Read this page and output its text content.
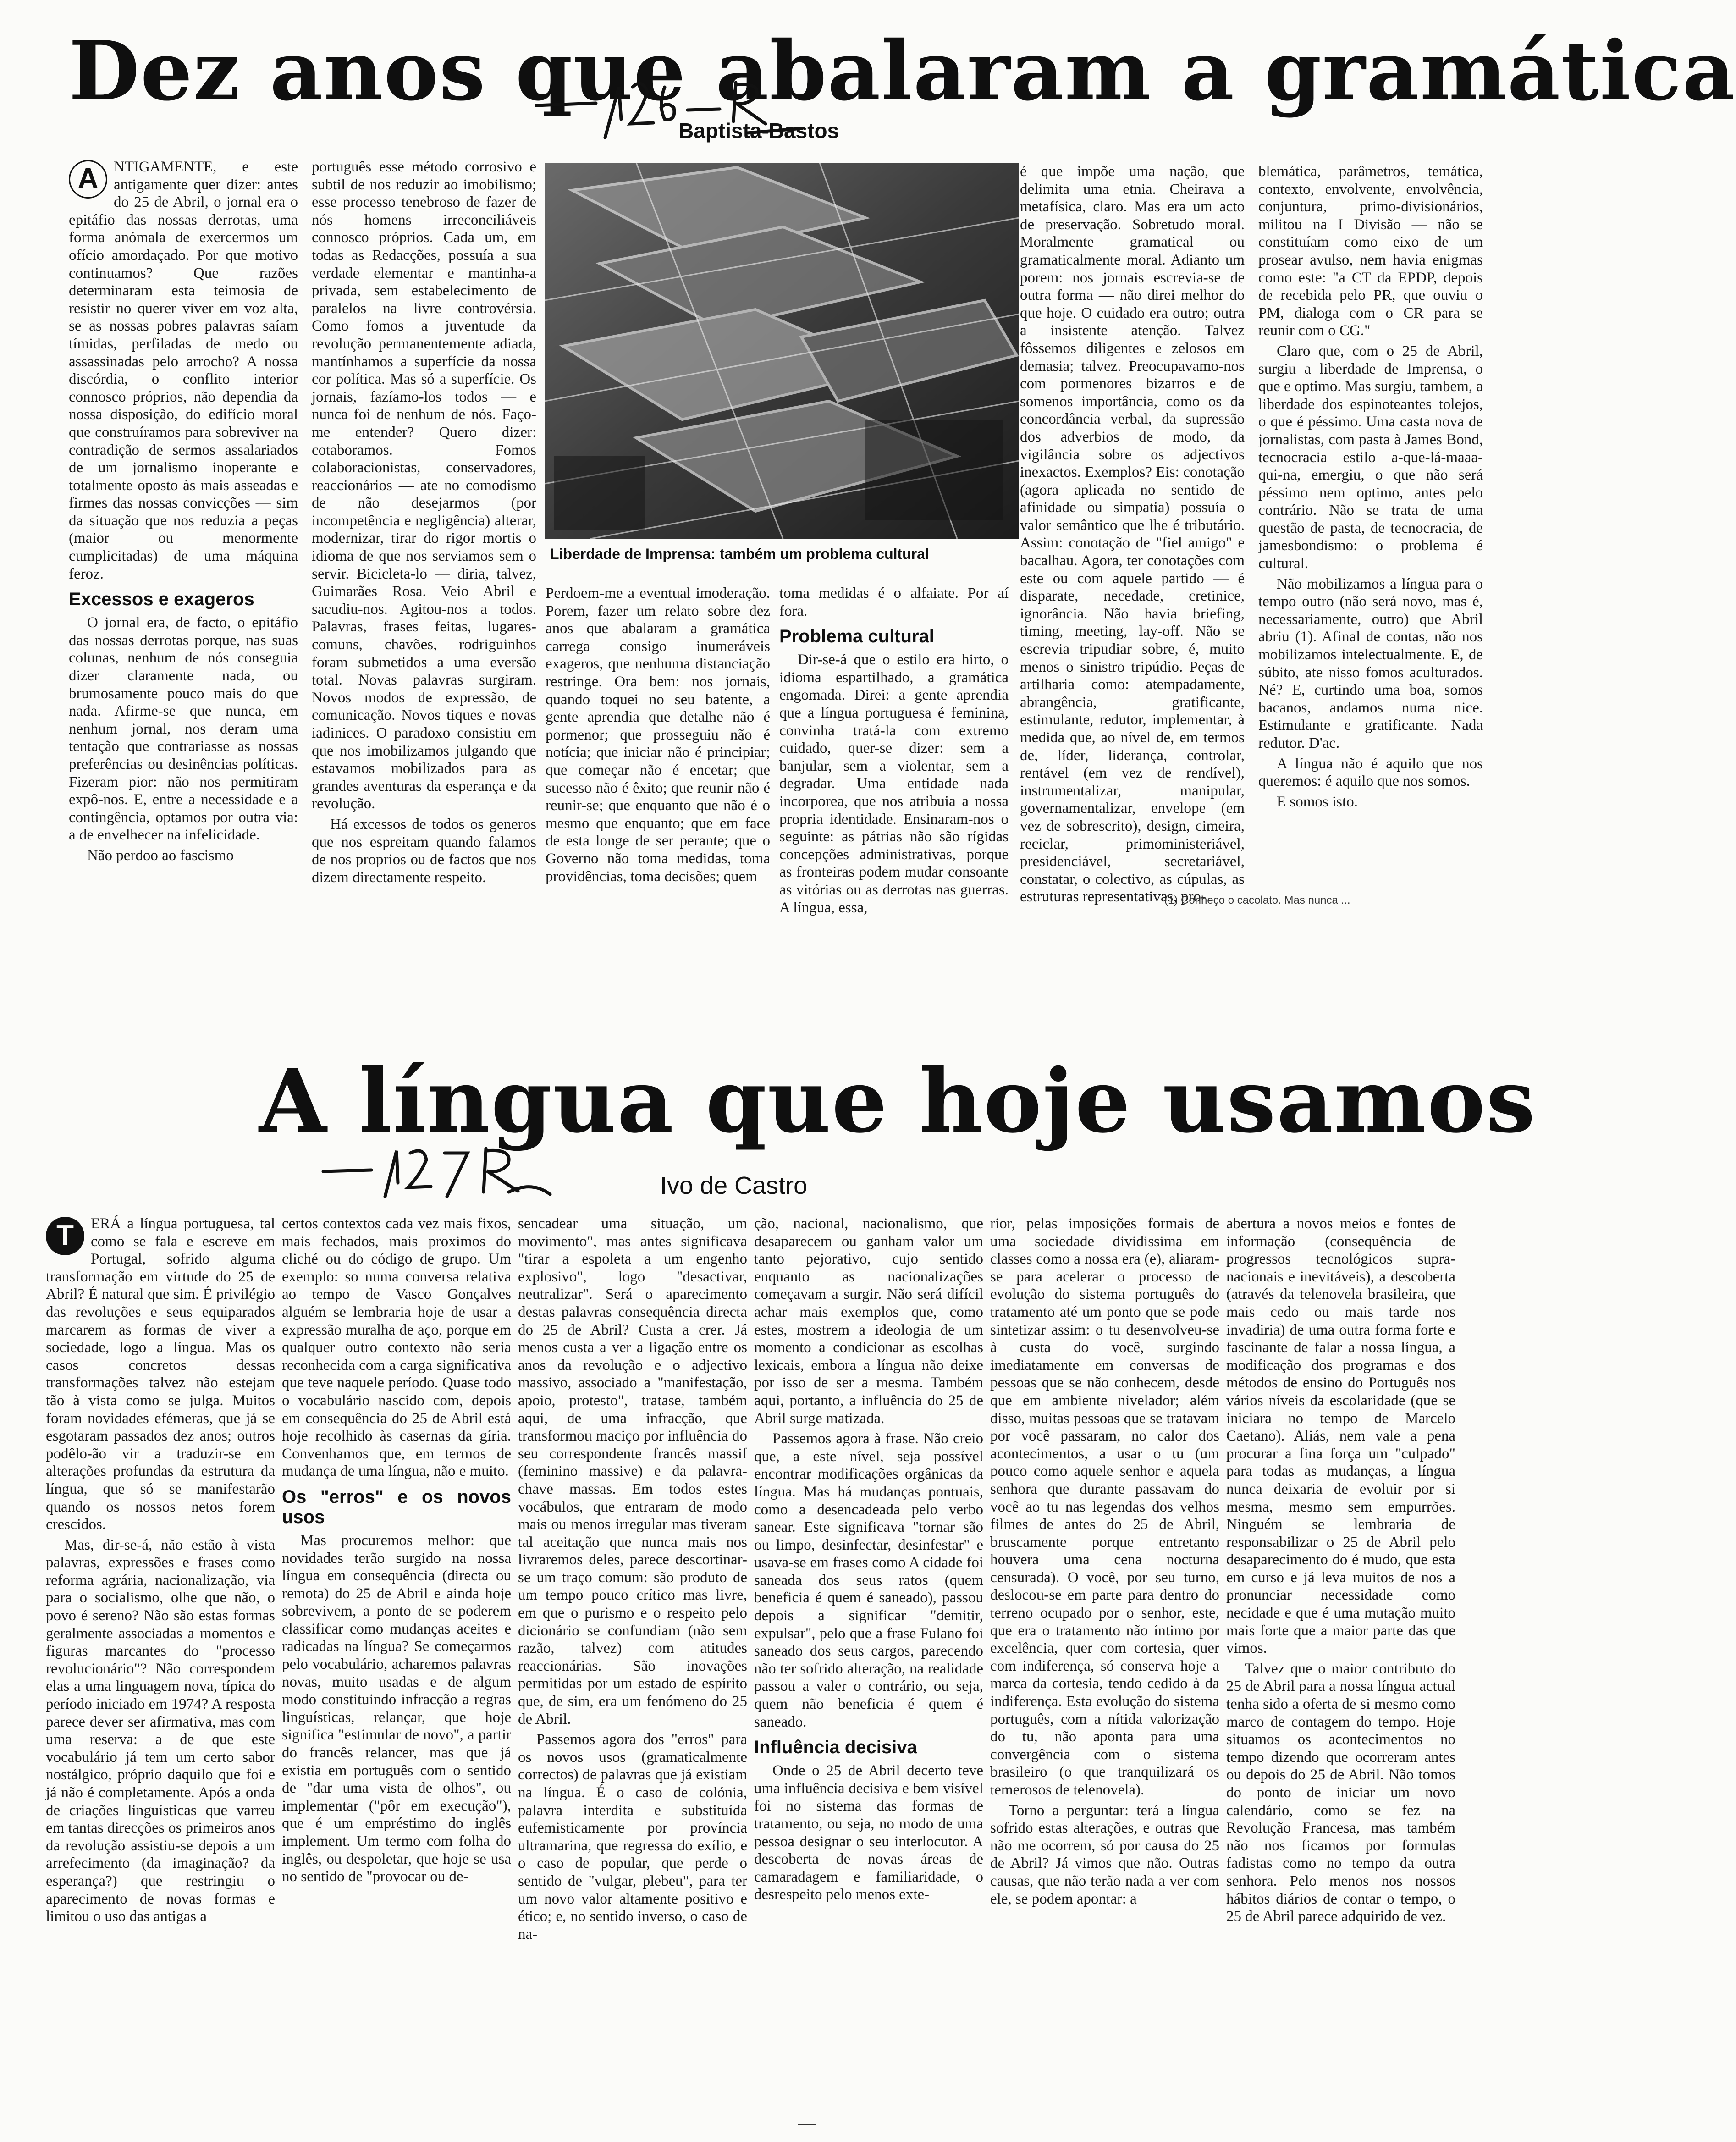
Dez anos que abalaram a gramática
Baptista-Bastos
A	NTIGAMENTE, e este antigamente quer dizer: antes do 25 de Abril, o jornal era o epitáfio das nossas derrotas, uma forma anómala de exercermos um ofício amordaçado. Por que motivo continuamos? Que razões determinaram esta teimosia de resistir no querer viver em voz alta, se as nossas pobres palavras saíam tímidas, perfiladas de medo ou assassinadas pelo arrocho? A nossa discórdia, o conflito interior connosco próprios, não dependia da nossa disposição, do edifício moral que construíramos para sobreviver na contradição de sermos assalariados de um jornalismo inoperante e totalmente oposto às mais asseadas e firmes das nossas convicções — sim da situação que nos reduzia a peças (maior ou menormente cumplicitadas) de uma máquina feroz.

Excessos e exageros

O jornal era, de facto, o epitáfio das nossas derrotas porque, nas suas colunas, nenhum de nós conseguia dizer claramente nada, ou brumosamente pouco mais do que nada. Afirme-se que nunca, em nenhum jornal, nos deram uma tentação que contrariasse as nossas preferências ou desinências políticas. Fizeram pior: não nos permitiram expô-nos. E, entre a necessidade e a contingência, optamos por outra via: a de envelhecer na infelicidade.

Não perdoo ao fascismo

português esse método corrosivo e subtil de nos reduzir ao imobilismo; esse processo tenebroso de fazer de nós homens irreconciliáveis connosco próprios. Cada um, em todas as Redacções, possuía a sua verdade elementar e mantinha-a privada, sem estabelecimento de paralelos na livre controvérsia. Como fomos a juventude da revolução permanentemente adiada, mantínhamos a superfície da nossa cor política. Mas só a superfície. Os jornais, fazíamo-los todos — e nunca foi de nenhum de nós. Faço-me entender? Quero dizer: cotaboramos. Fomos colaboracionistas, conservadores, reaccionários — ate no comodismo de não desejarmos (por incompetência e negligência) alterar, modernizar, tirar do rigor mortis o idioma de que nos serviamos sem o servir. Bicicleta-lo — diria, talvez, Guimarães Rosa. Veio Abril e sacudiu-nos. Agitou-nos a todos. Palavras, frases feitas, lugares-comuns, chavões, rodriguinhos foram submetidos a uma eversão total. Novas palavras surgiram. Novos modos de expressão, de comunicação. Novos tiques e novas iadinices. O paradoxo consistiu em que nos imobilizamos julgando que estavamos mobilizados para as grandes aventuras da esperança e da revolução.

Há excessos de todos os generos que nos espreitam quando falamos de nos proprios ou de factos que nos dizem directamente respeito.

Liberdade de Imprensa: também um problema cultural

Perdoem-me a eventual imoderação. Porem, fazer um relato sobre dez anos que abalaram a gramática carrega consigo inumeráveis exageros, que nenhuma distanciação restringe. Ora bem: nos jornais, quando toquei no seu batente, a gente aprendia que detalhe não é pormenor; que prosseguiu não é notícia; que iniciar não é principiar; que começar não é encetar; que sucesso não é êxito; que reunir não é reunir-se; que enquanto que não é o mesmo que enquanto; que em face de esta longe de ser perante; que o Governo não toma medidas, toma providências, toma decisões; quem

toma medidas é o alfaiate. Por aí fora.

Problema cultural

Dir-se-á que o estilo era hirto, o idioma espartilhado, a gramática engomada. Direi: a gente aprendia que a língua portuguesa é feminina, convinha tratá-la com extremo cuidado, quer-se dizer: sem a banjular, sem a violentar, sem a degradar. Uma entidade nada incorporea, que nos atribuia a nossa propria identidade. Ensinaram-nos o seguinte: as pátrias não são rígidas concepções administrativas, porque as fronteiras podem mudar consoante as vitórias ou as derrotas nas guerras. A língua, essa,

é que impõe uma nação, que delimita uma etnia. Cheirava a metafísica, claro. Mas era um acto de preservação. Sobretudo moral. Moralmente gramatical ou gramaticalmente moral. Adianto um porem: nos jornais escrevia-se de outra forma — não direi melhor do que hoje. O cuidado era outro; outra a insistente atenção. Talvez fôssemos diligentes e zelosos em demasia; talvez. Preocupavamo-nos com pormenores bizarros e de somenos importância, como os da concordância verbal, da supressão dos adverbios de modo, da vigilância sobre os adjectivos inexactos. Exemplos? Eis: conotação (agora aplicada no sentido de afinidade ou simpatia) possuía o valor semântico que lhe é tributário. Assim: conotação de "fiel amigo" e bacalhau. Agora, ter conotações com este ou com aquele partido — é disparate, necedade, cretinice, ignorância. Não havia briefing, timing, meeting, lay-off. Não se escrevia tripudiar sobre, é, muito menos o sinistro tripúdio. Peças de artilharia como: atempadamente, abrangência, gratificante, estimulante, redutor, implementar, à medida que, ao nível de, em termos de, líder, liderança, controlar, rentável (em vez de rendível), instrumentalizar, manipular, governamentalizar, envelope (em vez de sobrescrito), design, cimeira, reciclar, primoministeriável, presidenciável, secretariável, constatar, o colectivo, as cúpulas, as estruturas representativas, pro-

blemática, parâmetros, temática, contexto, envolvente, envolvência, conjuntura, primo-divisionários, militou na I Divisão — não se constituíam como eixo de um prosear avulso, nem havia enigmas como este: "a CT da EPDP, depois de recebida pelo PR, que ouviu o PM, dialoga com o CR para se reunir com o CG."

Claro que, com o 25 de Abril, surgiu a liberdade de Imprensa, o que e optimo. Mas surgiu, tambem, a liberdade dos espinoteantes tolejos, o que é péssimo. Uma casta nova de jornalistas, com pasta à James Bond, tecnocracia estilo a-que-lá-maaa-qui-na, emergiu, o que não será péssimo nem optimo, antes pelo contrário. Não se trata de uma questão de pasta, de tecnocracia, de jamesbondismo: o problema é cultural.

Não mobilizamos a língua para o tempo outro (não será novo, mas é, necessariamente, outro) que Abril abriu (1). Afinal de contas, não nos mobilizamos intelectualmente. E, de súbito, ate nisso fomos aculturados. Né? E, curtindo uma boa, somos bacanos, andamos numa nice. Estimulante e gratificante. Nada redutor. D'ac.

A língua não é aquilo que nos queremos: é aquilo que nos somos.

E somos isto.

(1) Conheço o cacolato. Mas nunca ...
A língua que hoje usamos
Ivo de Castro
T	ERÁ a língua portuguesa, tal como se fala e escreve em Portugal, sofrido alguma transformação em virtude do 25 de Abril? É natural que sim. É privilégio das revoluções e seus equiparados marcarem as formas de viver a sociedade, logo a língua. Mas os casos concretos dessas transformações talvez não estejam tão à vista como se julga. Muitos foram novidades efémeras, que já se esgotaram passados dez anos; outros podêlo-ão vir a traduzir-se em alterações profundas da estrutura da língua, que só se manifestarão quando os nossos netos forem crescidos.

Mas, dir-se-á, não estão à vista palavras, expressões e frases como reforma agrária, nacionalização, via para o socialismo, olhe que não, o povo é sereno? Não são estas formas geralmente associadas a momentos e figuras marcantes do "processo revolucionário"? Não correspondem elas a uma linguagem nova, típica do período iniciado em 1974? A resposta parece dever ser afirmativa, mas com uma reserva: a de que este vocabulário já tem um certo sabor nostálgico, próprio daquilo que foi e já não é completamente. Após a onda de criações linguísticas que varreu em tantas direcções os primeiros anos da revolução assistiu-se depois a um arrefecimento (da imaginação? da esperança?) que restringiu o aparecimento de novas formas e limitou o uso das antigas a

certos contextos cada vez mais fixos, mais fechados, mais proximos do cliché ou do código de grupo. Um exemplo: so numa conversa relativa ao tempo de Vasco Gonçalves alguém se lembraria hoje de usar a expressão muralha de aço, porque em qualquer outro contexto não seria reconhecida com a carga significativa que teve naquele período. Quase todo o vocabulário nascido com, depois em consequência do 25 de Abril está hoje recolhido às casernas da gíria. Convenhamos que, em termos de mudança de uma língua, não e muito.

Os "erros" e os novos usos

Mas procuremos melhor: que novidades terão surgido na nossa língua em consequência (directa ou remota) do 25 de Abril e ainda hoje sobrevivem, a ponto de se poderem classificar como mudanças aceites e radicadas na língua? Se começarmos pelo vocabulário, acharemos palavras novas, muito usadas e de algum modo constituindo infracção a regras linguísticas, relançar, que hoje significa "estimular de novo", a partir do francês relancer, mas que já existia em português com o sentido de "dar uma vista de olhos", ou implementar ("pôr em execução"), que é um empréstimo do inglês implement. Um termo com folha do inglês, ou despoletar, que hoje se usa no sentido de "provocar ou de-

sencadear uma situação, um movimento", mas antes significava "tirar a espoleta a um engenho explosivo", logo "desactivar, neutralizar". Será o aparecimento destas palavras consequência directa do 25 de Abril? Custa a crer. Já menos custa a ver a ligação entre os anos da revolução e o adjectivo massivo, associado a "manifestação, apoio, protesto", tratase, também aqui, de uma infracção, que transformou maciço por influência do seu correspondente francês massif (feminino massive) e da palavra-chave massas. Em todos estes vocábulos, que entraram de modo mais ou menos irregular mas tiveram tal aceitação que nunca mais nos livraremos deles, parece descortinar-se um traço comum: são produto de um tempo pouco crítico mas livre, em que o purismo e o respeito pelo dicionário se confundiam (não sem razão, talvez) com atitudes reaccionárias. São inovações permitidas por um estado de espírito que, de sim, era um fenómeno do 25 de Abril.

Passemos agora dos "erros" para os novos usos (gramaticalmente correctos) de palavras que já existiam na língua. É o caso de colónia, palavra interdita e substituída eufemisticamente por província ultramarina, que regressa do exílio, e o caso de popular, que perde o sentido de "vulgar, plebeu", para ter um novo valor altamente positivo e ético; e, no sentido inverso, o caso de na-

ção, nacional, nacionalismo, que desaparecem ou ganham valor um tanto pejorativo, cujo sentido enquanto as nacionalizações começavam a surgir. Não será difícil achar mais exemplos que, como estes, mostrem a ideologia de um momento a condicionar as escolhas lexicais, embora a língua não deixe por isso de ser a mesma. Também aqui, portanto, a influência do 25 de Abril surge matizada.

Passemos agora à frase. Não creio que, a este nível, seja possível encontrar modificações orgânicas da língua. Mas há mudanças pontuais, como a desencadeada pelo verbo sanear. Este significava "tornar são ou limpo, desinfectar, desinfestar" e usava-se em frases como A cidade foi saneada dos seus ratos (quem beneficia é quem é saneado), passou depois a significar "demitir, expulsar", pelo que a frase Fulano foi saneado dos seus cargos, parecendo não ter sofrido alteração, na realidade passou a valer o contrário, ou seja, quem não beneficia é quem é saneado.

Influência decisiva

Onde o 25 de Abril decerto teve uma influência decisiva e bem visível foi no sistema das formas de tratamento, ou seja, no modo de uma pessoa designar o seu interlocutor. A descoberta de novas áreas de camaradagem e familiaridade, o desrespeito pelo menos exte-

rior, pelas imposições formais de uma sociedade dividissima em classes como a nossa era (e), aliaram-se para acelerar o processo de evolução do sistema português do tratamento até um ponto que se pode sintetizar assim: o tu desenvolveu-se à custa do você, surgindo imediatamente em conversas de pessoas que se não conhecem, desde que em ambiente nivelador; além disso, muitas pessoas que se tratavam por você passaram, no calor dos acontecimentos, a usar o tu (um pouco como aquele senhor e aquela senhora que durante passavam do você ao tu nas legendas dos velhos filmes de antes do 25 de Abril, bruscamente porque entretanto houvera uma cena nocturna censurada). O você, por seu turno, deslocou-se em parte para dentro do terreno ocupado por o senhor, este, que era o tratamento não íntimo por excelência, quer com cortesia, quer com indiferença, só conserva hoje a marca da cortesia, tendo cedido à da indiferença. Esta evolução do sistema português, com a nítida valorização do tu, não aponta para uma convergência com o sistema brasileiro (o que tranquilizará os temerosos de telenovela).

Torno a perguntar: terá a língua sofrido estas alterações, e outras que não me ocorrem, só por causa do 25 de Abril? Já vimos que não. Outras causas, que não terão nada a ver com ele, se podem apontar: a

abertura a novos meios e fontes de informação (consequência de progressos tecnológicos supra-nacionais e inevitáveis), a descoberta (através da telenovela brasileira, que mais cedo ou mais tarde nos invadiria) de uma outra forma forte e fascinante de falar a nossa língua, a modificação dos programas e dos métodos de ensino do Português nos vários níveis da escolaridade (que se iniciara no tempo de Marcelo Caetano). Aliás, nem vale a pena procurar a fina força um "culpado" para todas as mudanças, a língua nunca deixaria de evoluir por si mesma, mesmo sem empurrões. Ninguém se lembraria de responsabilizar o 25 de Abril pelo desaparecimento do é mudo, que esta em curso e já leva muitos de nos a pronunciar necessidade como necidade e que é uma mutação muito mais forte que a maior parte das que vimos.

Talvez que o maior contributo do 25 de Abril para a nossa língua actual tenha sido a oferta de si mesmo como marco de contagem do tempo. Hoje situamos os acontecimentos no tempo dizendo que ocorreram antes ou depois do 25 de Abril. Não tomos do ponto de iniciar um novo calendário, como se fez na Revolução Francesa, mas também não nos ficamos por formulas fadistas como no tempo da outra senhora. Pelo menos nos nossos hábitos diários de contar o tempo, o 25 de Abril parece adquirido de vez.
